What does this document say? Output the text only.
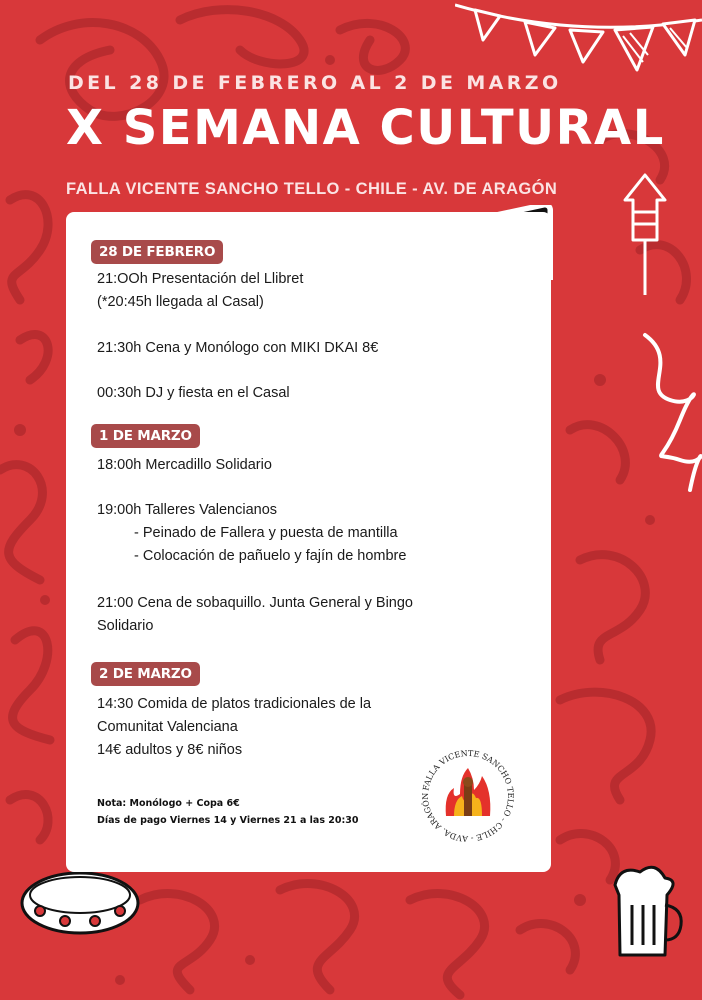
DEL 28 DE FEBRERO AL 2 DE MARZO
X SEMANA CULTURAL
FALLA VICENTE SANCHO TELLO - CHILE - AV. DE ARAGÓN
28 DE FEBRERO
21:OOh Presentación del Llibret
(*20:45h llegada al Casal)
21:30h Cena y Monólogo con MIKI DKAI 8€
00:30h DJ y fiesta en el Casal
1 DE MARZO
18:00h Mercadillo Solidario
19:00h Talleres Valencianos
- Peinado de Fallera y puesta de mantilla
- Colocación de pañuelo y fajín de hombre
21:00 Cena de sobaquillo. Junta General y Bingo
Solidario
2 DE MARZO
14:30 Comida de platos tradicionales de la
Comunitat Valenciana
14€ adultos y 8€ niños
Nota: Monólogo + Copa 6€
Días de pago Viernes 14 y Viernes 21 a las 20:30
FALLA VICENTE SANCHO TELLO - CHILE - AVDA. ARAGÓN
